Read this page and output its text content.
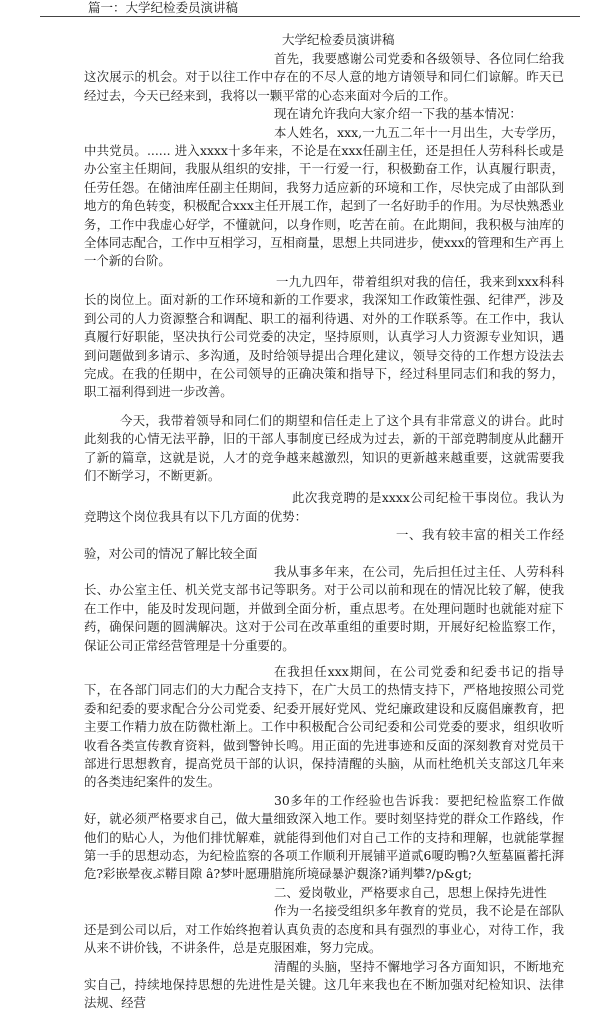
篇一：大学纪检委员演讲稿
大学纪检委员演讲稿

首先，我要感谢公司党委和各级领导、各位同仁给我这次展示的机会。对于以往工作中存在的不尽人意的地方请领导和同仁们谅解。昨天已经过去，今天已经来到，我将以一颗平常的心态来面对今后的工作。

现在请允许我向大家介绍一下我的基本情况：

本人姓名，xxx,一九五二年十一月出生，大专学历，中共党员。...... 进入xxxx十多年来，不论是在xxx任副主任，还是担任人劳科科长或是办公室主任期间，我服从组织的安排，干一行爱一行，积极勤奋工作，认真履行职责，任劳任怨。在储油库任副主任期间，我努力适应新的环境和工作，尽快完成了由部队到地方的角色转变，积极配合xxx主任开展工作，起到了一名好助手的作用。为尽快熟悉业务，工作中我虚心好学，不懂就问，以身作则，吃苦在前。在此期间，我积极与油库的全体同志配合，工作中互相学习，互相商量，思想上共同进步，使xxx的管理和生产再上一个新的台阶。

一九九四年，带着组织对我的信任，我来到xxx科科长的岗位上。面对新的工作环境和新的工作要求，我深知工作政策性强、纪律严，涉及到公司的人力资源整合和调配、职工的福利待遇、对外的工作联系等。在工作中，我认真履行好职能，坚决执行公司党委的决定，坚持原则，认真学习人力资源专业知识，遇到问题做到多请示、多沟通，及时给领导提出合理化建议，领导交待的工作想方设法去完成。在我的任期中，在公司领导的正确决策和指导下，经过科里同志们和我的努力，职工福利得到进一步改善。

今天，我带着领导和同仁们的期望和信任走上了这个具有非常意义的讲台。此时此刻我的心情无法平静，旧的干部人事制度已经成为过去，新的干部竞聘制度从此翻开了新的篇章，这就是说，人才的竞争越来越激烈，知识的更新越来越重要，这就需要我们不断学习，不断更新。

此次我竞聘的是xxxx公司纪检干事岗位。我认为竞聘这个岗位我具有以下几方面的优势：

一、我有较丰富的相关工作经验，对公司的情况了解比较全面

我从事多年来，在公司，先后担任过主任、人劳科科长、办公室主任、机关党支部书记等职务。对于公司以前和现在的情况比较了解，使我在工作中，能及时发现问题，并做到全面分析，重点思考。在处理问题时也就能对症下药，确保问题的圆满解决。这对于公司在改革重组的重要时期，开展好纪检监察工作，保证公司正常经营管理是十分重要的。

在我担任xxx期间，在公司党委和纪委书记的指导下，在各部门同志们的大力配合支持下，在广大员工的热情支持下，严格地按照公司党委和纪委的要求配合分公司党委、纪委开展好党风、党纪廉政建设和反腐倡廉教育，把主要工作精力放在防微杜渐上。工作中积极配合公司纪委和公司党委的要求，组织收听收看各类宣传教育资料，做到警钟长鸣。用正面的先进事迹和反面的深刻教育对党员干部进行思想教育，提高党员干部的认识，保持清醒的头脑，从而杜绝机关支部这几年来的各类违纪案件的发生。

30多年的工作经验也告诉我：要把纪检监察工作做好，就必须严格要求自己，做大量细致深入地工作。要时刻坚持党的群众工作路线，作他们的贴心人，为他们排忧解难，就能得到他们对自己工作的支持和理解，也就能掌握第一手的思想动态，为纪检监察的各项工作顺利开展铺平道贰6嗄昀鴨?久堑墓匾蓄托湃危?彩嵌晕夜ぷ鞯目隙 â?梦叶愿珊腊旄所境碌暴沪覣涤?诵判攀?/p&gt;

二、爱岗敬业，严格要求自己，思想上保持先进性

作为一名接受组织多年教育的党员，我不论是在部队还是到公司以后，对工作始终抱着认真负责的态度和具有强烈的事业心，对待工作，我从来不讲价钱，不讲条件，总是克服困难，努力完成。

清醒的头脑，坚持不懈地学习各方面知识，不断地充实自己，持续地保持思想的先进性是关键。这几年来我也在不断加强对纪检知识、法律法规、经营
